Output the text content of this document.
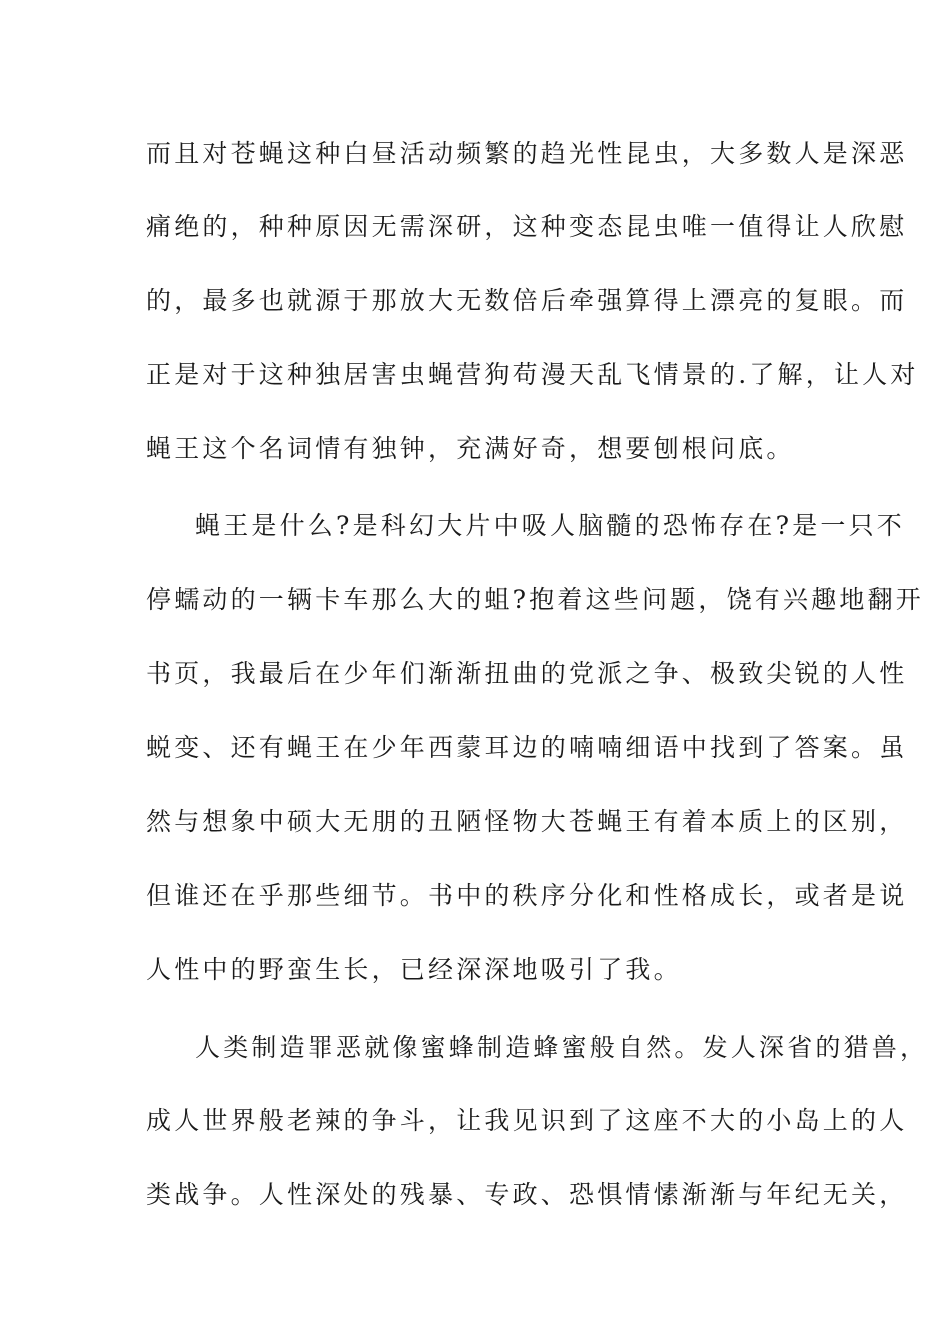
而且对苍蝇这种白昼活动频繁的趋光性昆虫，大多数人是深恶
痛绝的，种种原因无需深研，这种变态昆虫唯一值得让人欣慰
的，最多也就源于那放大无数倍后牵强算得上漂亮的复眼。而
正是对于这种独居害虫蝇营狗苟漫天乱飞情景的.了解，让人对
蝇王这个名词情有独钟，充满好奇，想要刨根问底。
蝇王是什么?是科幻大片中吸人脑髓的恐怖存在?是一只不
停蠕动的一辆卡车那么大的蛆?抱着这些问题，饶有兴趣地翻开
书页，我最后在少年们渐渐扭曲的党派之争、极致尖锐的人性
蜕变、还有蝇王在少年西蒙耳边的喃喃细语中找到了答案。虽
然与想象中硕大无朋的丑陋怪物大苍蝇王有着本质上的区别，
但谁还在乎那些细节。书中的秩序分化和性格成长，或者是说
人性中的野蛮生长，已经深深地吸引了我。
人类制造罪恶就像蜜蜂制造蜂蜜般自然。发人深省的猎兽，
成人世界般老辣的争斗，让我见识到了这座不大的小岛上的人
类战争。人性深处的残暴、专政、恐惧情愫渐渐与年纪无关，
